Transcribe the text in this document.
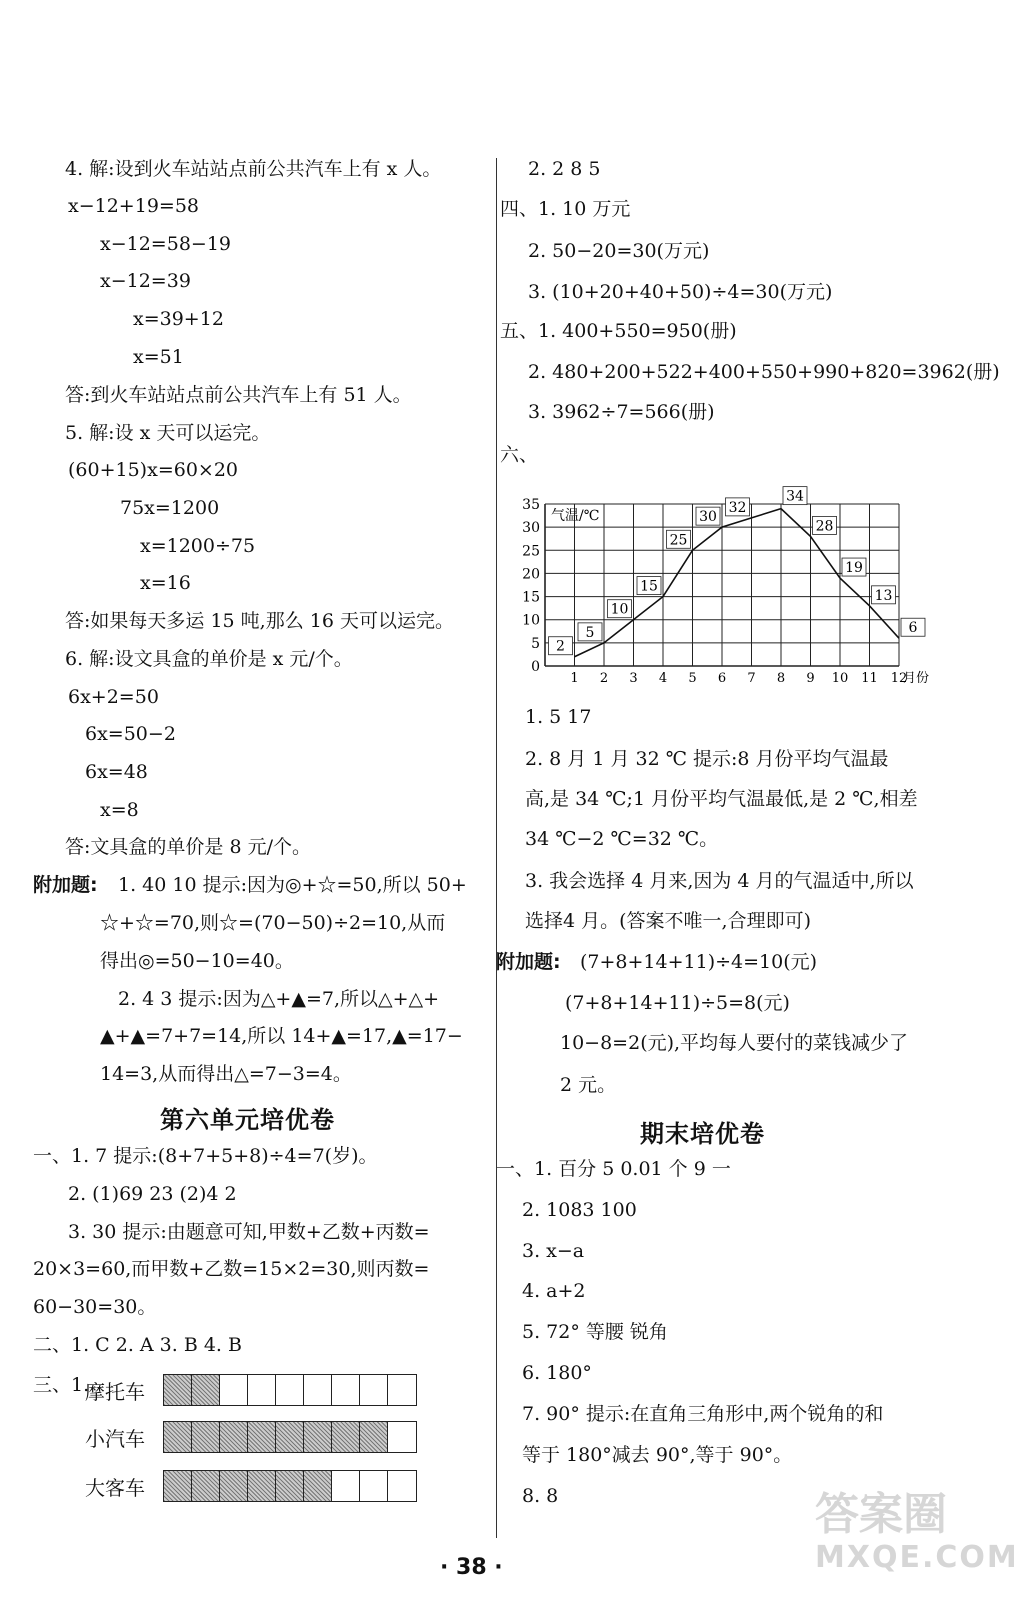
4. 解:设到火车站站点前公共汽车上有 x 人。
x−12+19=58
x−12=58−19
x−12=39
x=39+12
x=51
答:到火车站站点前公共汽车上有 51 人。
5. 解:设 x 天可以运完。
(60+15)x=60×20
75x=1200
x=1200÷75
x=16
答:如果每天多运 15 吨,那么 16 天可以运完。
6. 解:设文具盒的单价是 x 元/个。
6x+2=50
6x=50−2
6x=48
x=8
答:文具盒的单价是 8 元/个。
附加题: 1. 40 10 提示:因为◎+☆=50,所以 50+
☆+☆=70,则☆=(70−50)÷2=10,从而
得出◎=50−10=40。
2. 4 3 提示:因为△+▲=7,所以△+△+
▲+▲=7+7=14,所以 14+▲=17,▲=17−
14=3,从而得出△=7−3=4。
第六单元培优卷
一、1. 7 提示:(8+7+5+8)÷4=7(岁)。
2. (1)69 23 (2)4 2
3. 30 提示:由题意可知,甲数+乙数+丙数=
20×3=60,而甲数+乙数=15×2=30,则丙数=
60−30=30。
二、1. C 2. A 3. B 4. B
三、1.
摩托车
小汽车
大客车
2. 2 8 5
四、1. 10 万元
2. 50−20=30(万元)
3. (10+20+40+50)÷4=30(万元)
五、1. 400+550=950(册)
2. 480+200+522+400+550+990+820=3962(册)
3. 3962÷7=566(册)
六、
0
5
10
15
20
25
30
35
1 2 3 4 5 6 7 8 9 10 11 12
月份
气温/℃
2
5
10
15
25
30
32
34
28
19
13
6
1. 5 17
2. 8 月 1 月 32 ℃ 提示:8 月份平均气温最
高,是 34 ℃;1 月份平均气温最低,是 2 ℃,相差
34 ℃−2 ℃=32 ℃。
3. 我会选择 4 月来,因为 4 月的气温适中,所以
选择4 月。(答案不唯一,合理即可)
附加题: (7+8+14+11)÷4=10(元)
(7+8+14+11)÷5=8(元)
10−8=2(元),平均每人要付的菜钱减少了
2 元。
期末培优卷
一、1. 百分 5 0.01 个 9 一
2. 1083 100
3. x−a
4. a+2
5. 72° 等腰 锐角
6. 180°
7. 90° 提示:在直角三角形中,两个锐角的和
等于 180°减去 90°,等于 90°。
8. 8
· 38 ·
答案圈
MXQE.COM
